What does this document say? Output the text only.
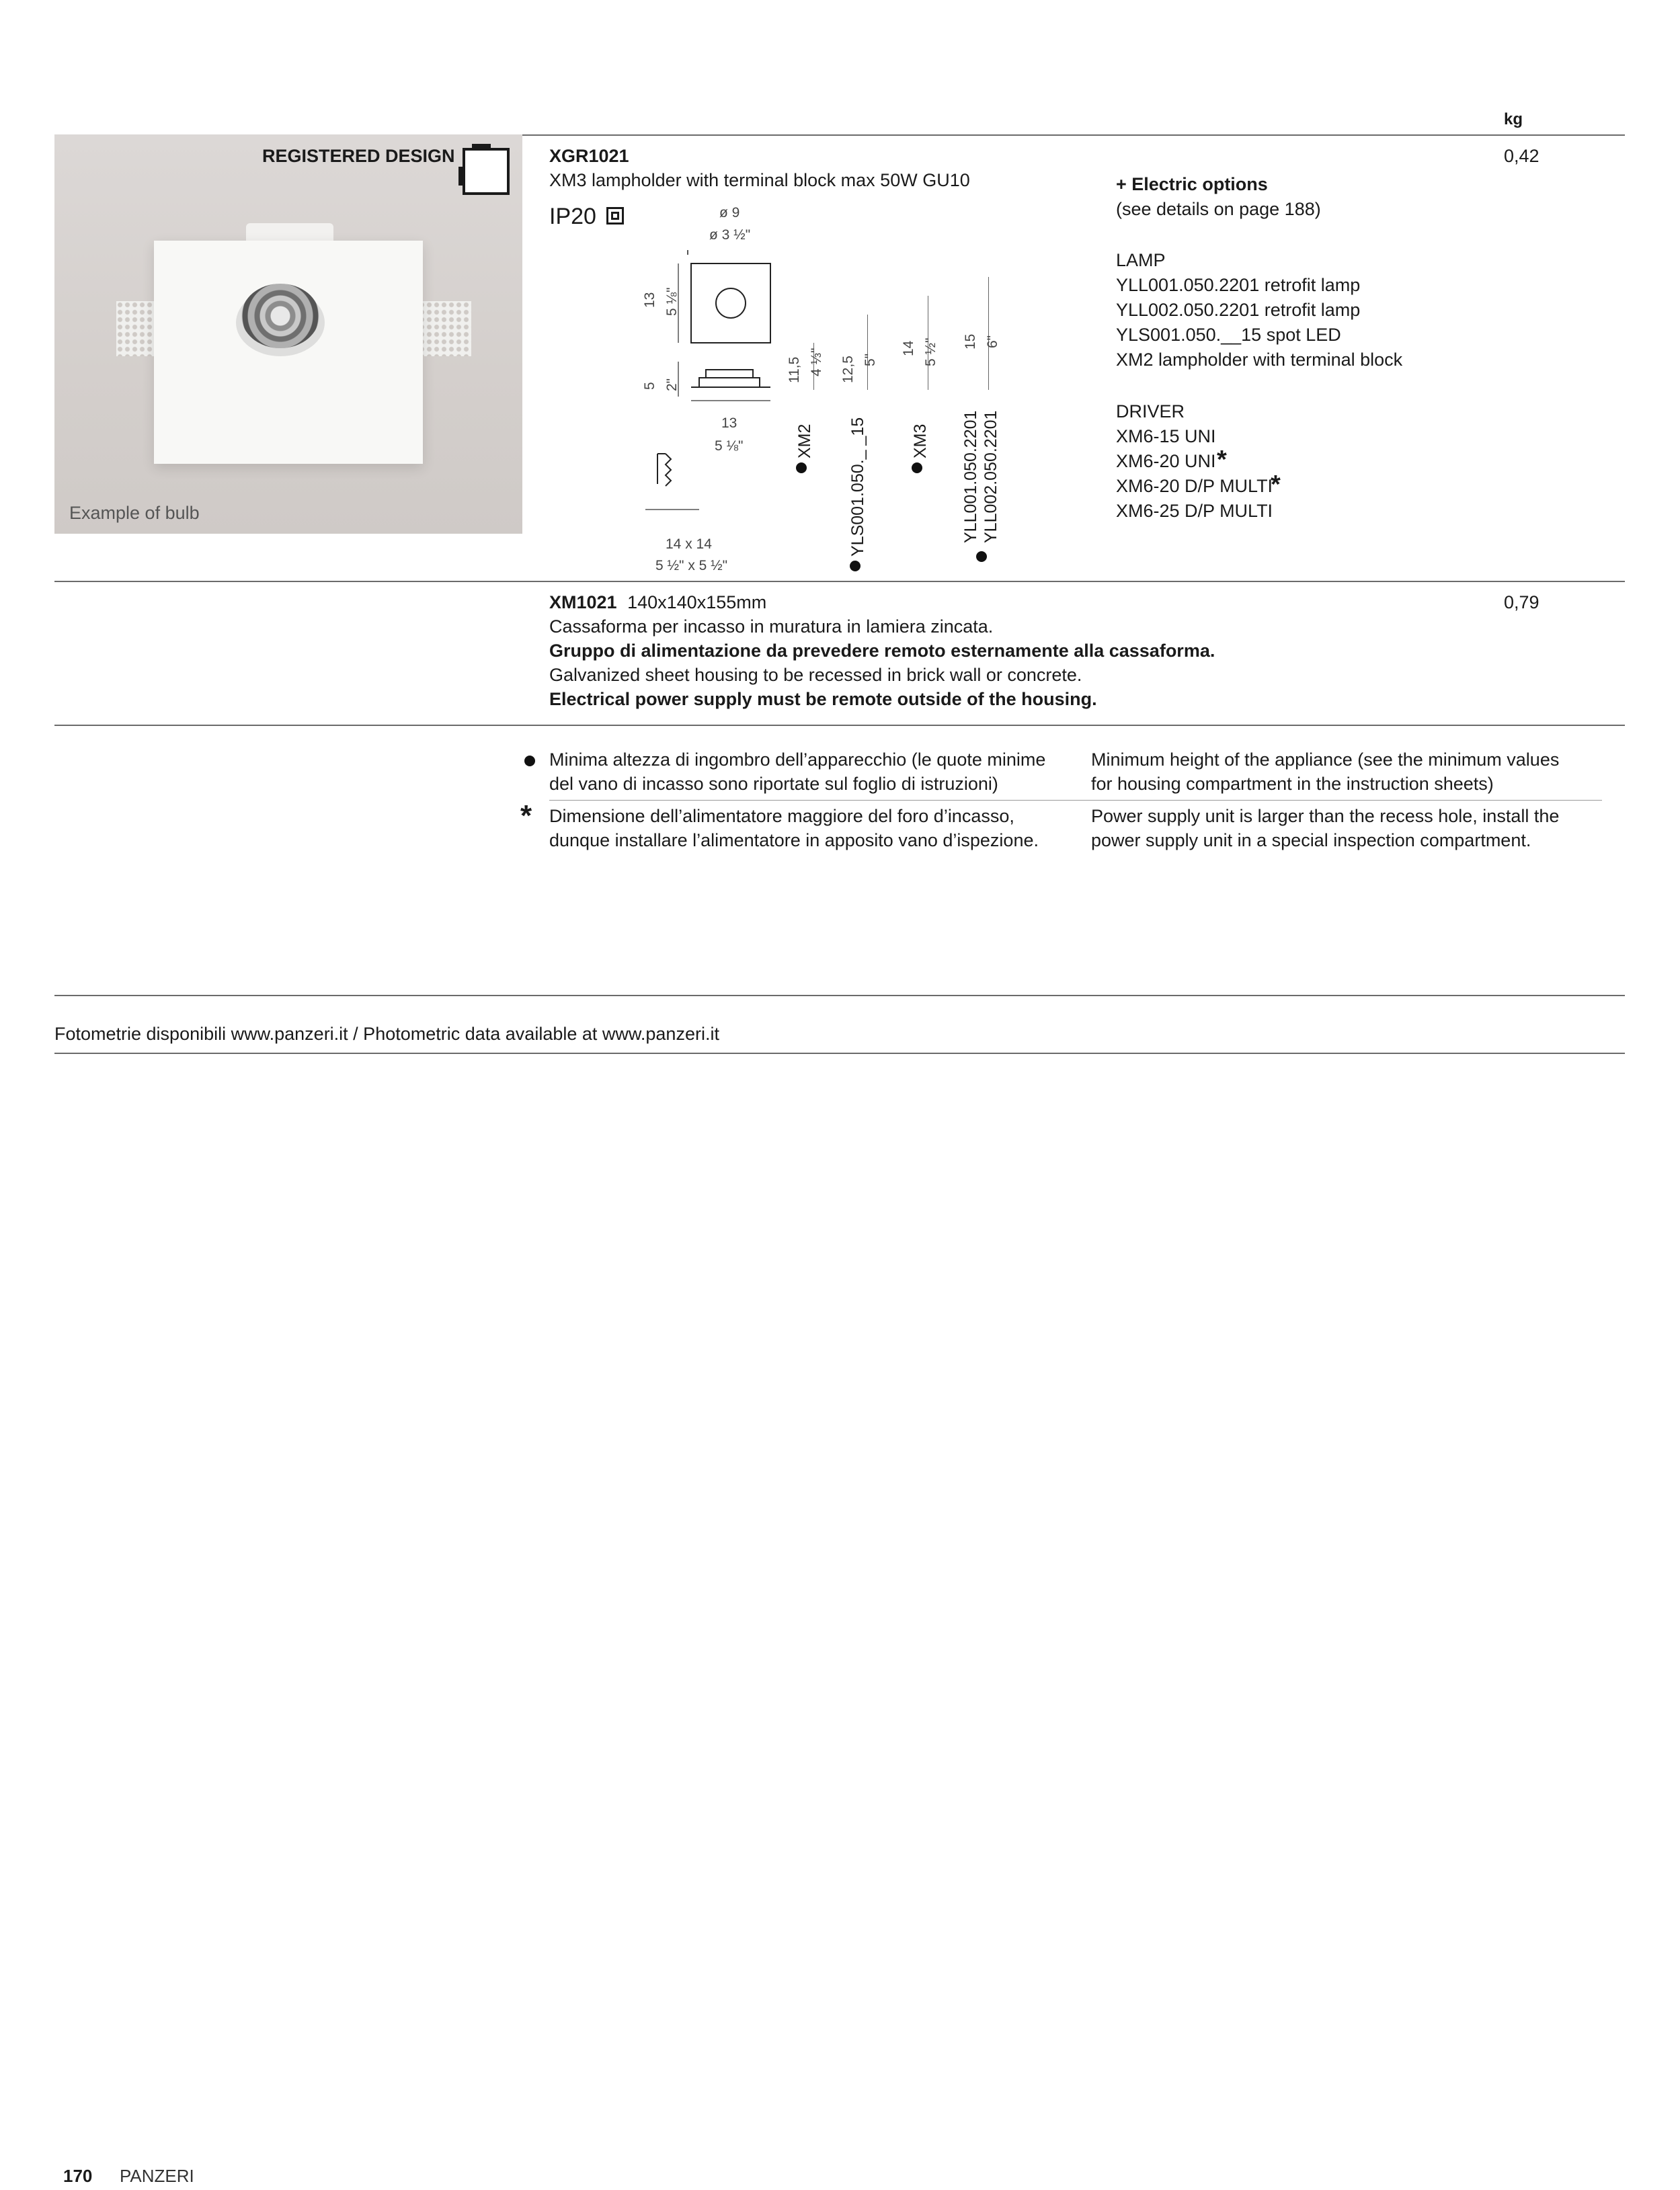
kg
Example of bulb
REGISTERED DESIGN	XGR1021
XM3 lampholder with terminal block max 50W GU10
IP20
0,42
ø 9
ø 3 ½"
13 5 ⅛"
5 2"
13
5 ⅛"
14 x 14
5 ½" x 5 ½"
11,5 4 ⅓"
XM2
12,5 5"
YLS001.050._ _15
14 5 ½"
XM3
15 6"
YLL001.050.2201 YLL002.050.2201
+ Electric options
(see details on page 188)
LAMP
YLL001.050.2201 retrofit lamp
YLL002.050.2201 retrofit lamp
YLS001.050.__15 spot LED
XM2 lampholder with terminal block
DRIVER
XM6-15 UNI
XM6-20 UNI *
XM6-20 D/P MULTI
*
XM6-25 D/P MULTI
XM1021 140x140x155mm	0,79
Cassaforma per incasso in muratura in lamiera zincata.
Gruppo di alimentazione da prevedere remoto esternamente alla cassaforma.
Galvanized sheet housing to be recessed in brick wall or concrete.
Electrical power supply must be remote outside of the housing.
Minima altezza di ingombro dell’apparecchio (le quote minime
del vano di incasso sono riportate sul foglio di istruzioni)
Minimum height of the appliance (see the minimum values
for housing compartment in the instruction sheets)
* Dimensione dell’alimentatore maggiore del foro d’incasso,
dunque installare l’alimentatore in apposito vano d’ispezione.
Power supply unit is larger than the recess hole, install the
power supply unit in a special inspection compartment.
Fotometrie disponibili www.panzeri.it / Photometric data available at www.panzeri.it
170 PANZERI
